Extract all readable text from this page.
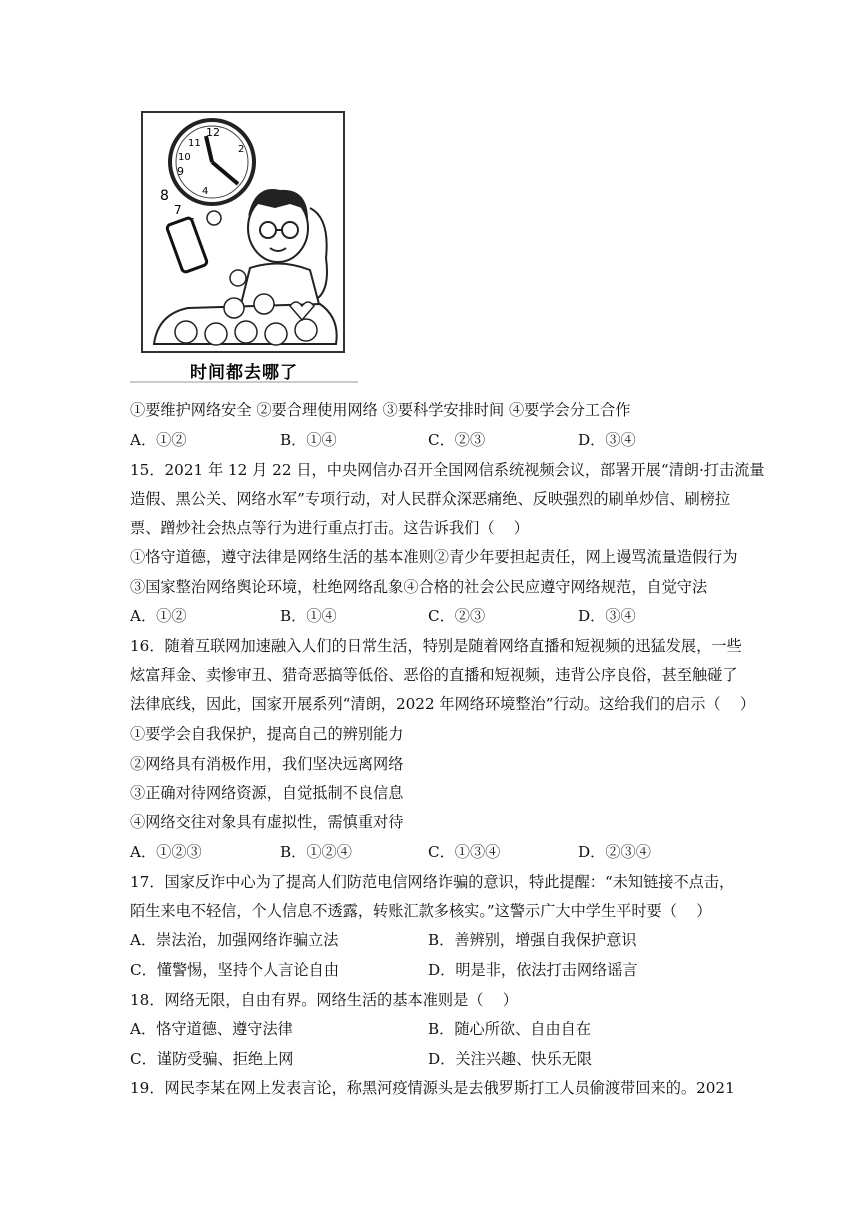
12
11
10
9
2
4
8
7
时间都去哪了
①要维护网络安全 ②要合理使用网络 ③要科学安排时间 ④要学会分工合作
A．①②	B．①④	C．②③	D．③④
15．2021 年 12 月 22 日，中央网信办召开全国网信系统视频会议，部署开展“清朗·打击流量
造假、黑公关、网络水军”专项行动，对人民群众深恶痛绝、反映强烈的刷单炒信、刷榜拉
票、蹭炒社会热点等行为进行重点打击。这告诉我们（    ）
①恪守道德，遵守法律是网络生活的基本准则②青少年要担起责任，网上谩骂流量造假行为
③国家整治网络舆论环境，杜绝网络乱象④合格的社会公民应遵守网络规范，自觉守法
A．①②	B．①④	C．②③	D．③④
16．随着互联网加速融入人们的日常生活，特别是随着网络直播和短视频的迅猛发展，一些
炫富拜金、卖惨审丑、猎奇恶搞等低俗、恶俗的直播和短视频，违背公序良俗，甚至触碰了
法律底线，因此，国家开展系列“清朗，2022 年网络环境整治”行动。这给我们的启示（    ）
①要学会自我保护，提高自己的辨别能力
②网络具有消极作用，我们坚决远离网络
③正确对待网络资源，自觉抵制不良信息
④网络交往对象具有虚拟性，需慎重对待
A．①②③	B．①②④	C．①③④	D．②③④
17．国家反诈中心为了提高人们防范电信网络诈骗的意识，特此提醒：“未知链接不点击，
陌生来电不轻信，个人信息不透露，转账汇款多核实。”这警示广大中学生平时要（    ）
A．崇法治，加强网络诈骗立法	B．善辨别，增强自我保护意识
C．懂警惕，坚持个人言论自由	D．明是非，依法打击网络谣言
18．网络无限，自由有界。网络生活的基本准则是（    ）
A．恪守道德、遵守法律	B．随心所欲、自由自在
C．谨防受骗、拒绝上网	D．关注兴趣、快乐无限
19．网民李某在网上发表言论，称黑河疫情源头是去俄罗斯打工人员偷渡带回来的。2021
